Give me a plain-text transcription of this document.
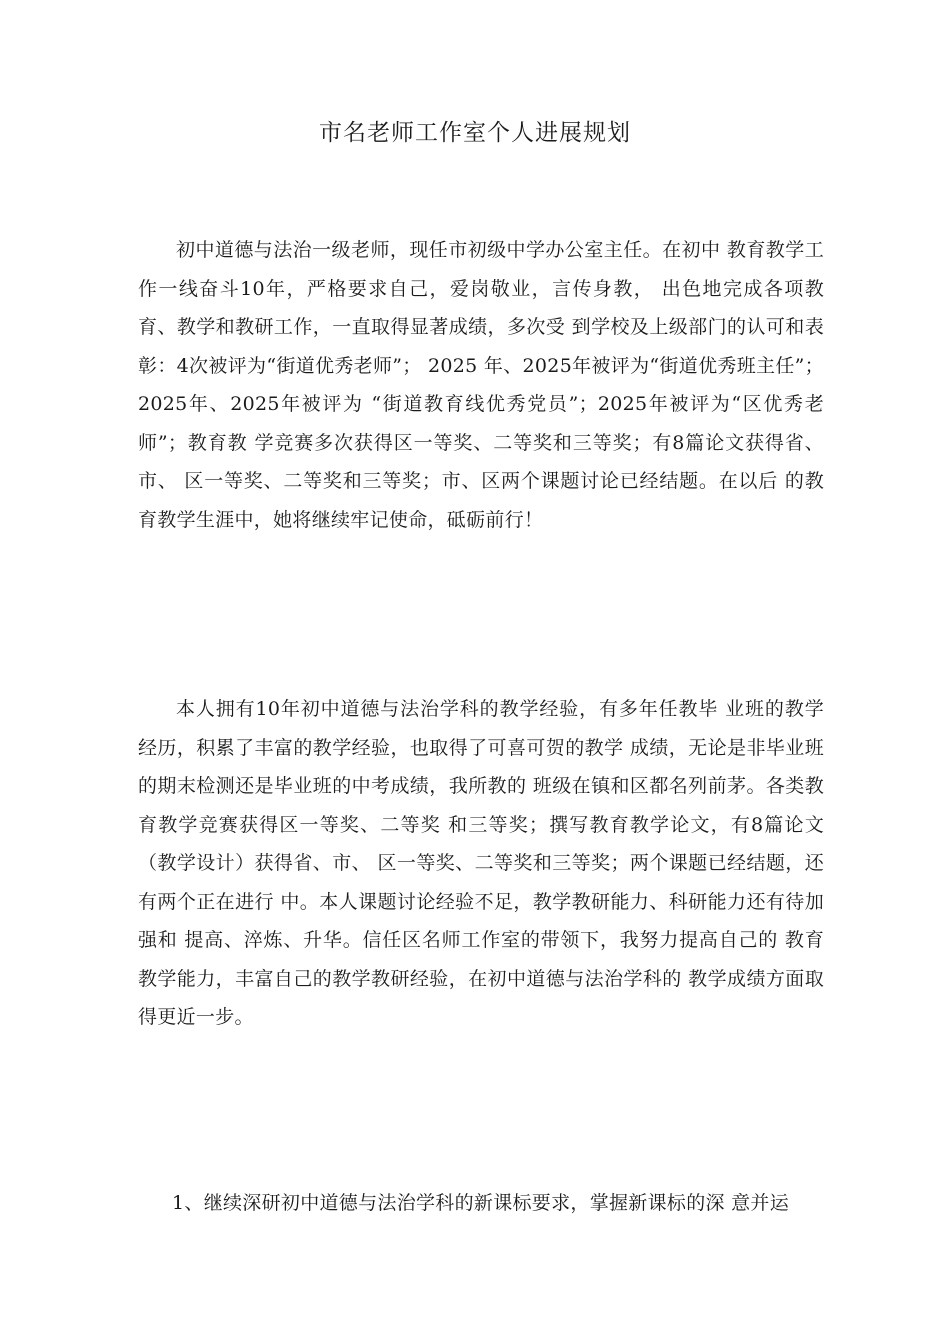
市名老师工作室个人进展规划

初中道德与法治一级老师，现任市初级中学办公室主任。在初中 教育教学工作一线奋斗10年，严格要求自己，爱岗敬业，言传身教， 出色地完成各项教育、教学和教研工作，一直取得显著成绩，多次受 到学校及上级部门的认可和表彰：4次被评为“街道优秀老师”； 2025 年、2025年被评为“街道优秀班主任”；2025年、2025年被评为 “街道教育线优秀党员”；2025年被评为“区优秀老师”；教育教 学竞赛多次获得区一等奖、二等奖和三等奖；有8篇论文获得省、市、 区一等奖、二等奖和三等奖；市、区两个课题讨论已经结题。在以后 的教育教学生涯中，她将继续牢记使命，砥砺前行！

本人拥有10年初中道德与法治学科的教学经验，有多年任教毕 业班的教学经历，积累了丰富的教学经验，也取得了可喜可贺的教学 成绩，无论是非毕业班的期末检测还是毕业班的中考成绩，我所教的 班级在镇和区都名列前茅。各类教育教学竞赛获得区一等奖、二等奖 和三等奖；撰写教育教学论文，有8篇论文（教学设计）获得省、市、 区一等奖、二等奖和三等奖；两个课题已经结题，还有两个正在进行 中。本人课题讨论经验不足，教学教研能力、科研能力还有待加强和 提高、淬炼、升华。信任区名师工作室的带领下，我努力提高自己的 教育教学能力，丰富自己的教学教研经验，在初中道德与法治学科的 教学成绩方面取得更近一步。

1、继续深研初中道德与法治学科的新课标要求，掌握新课标的深 意并运
